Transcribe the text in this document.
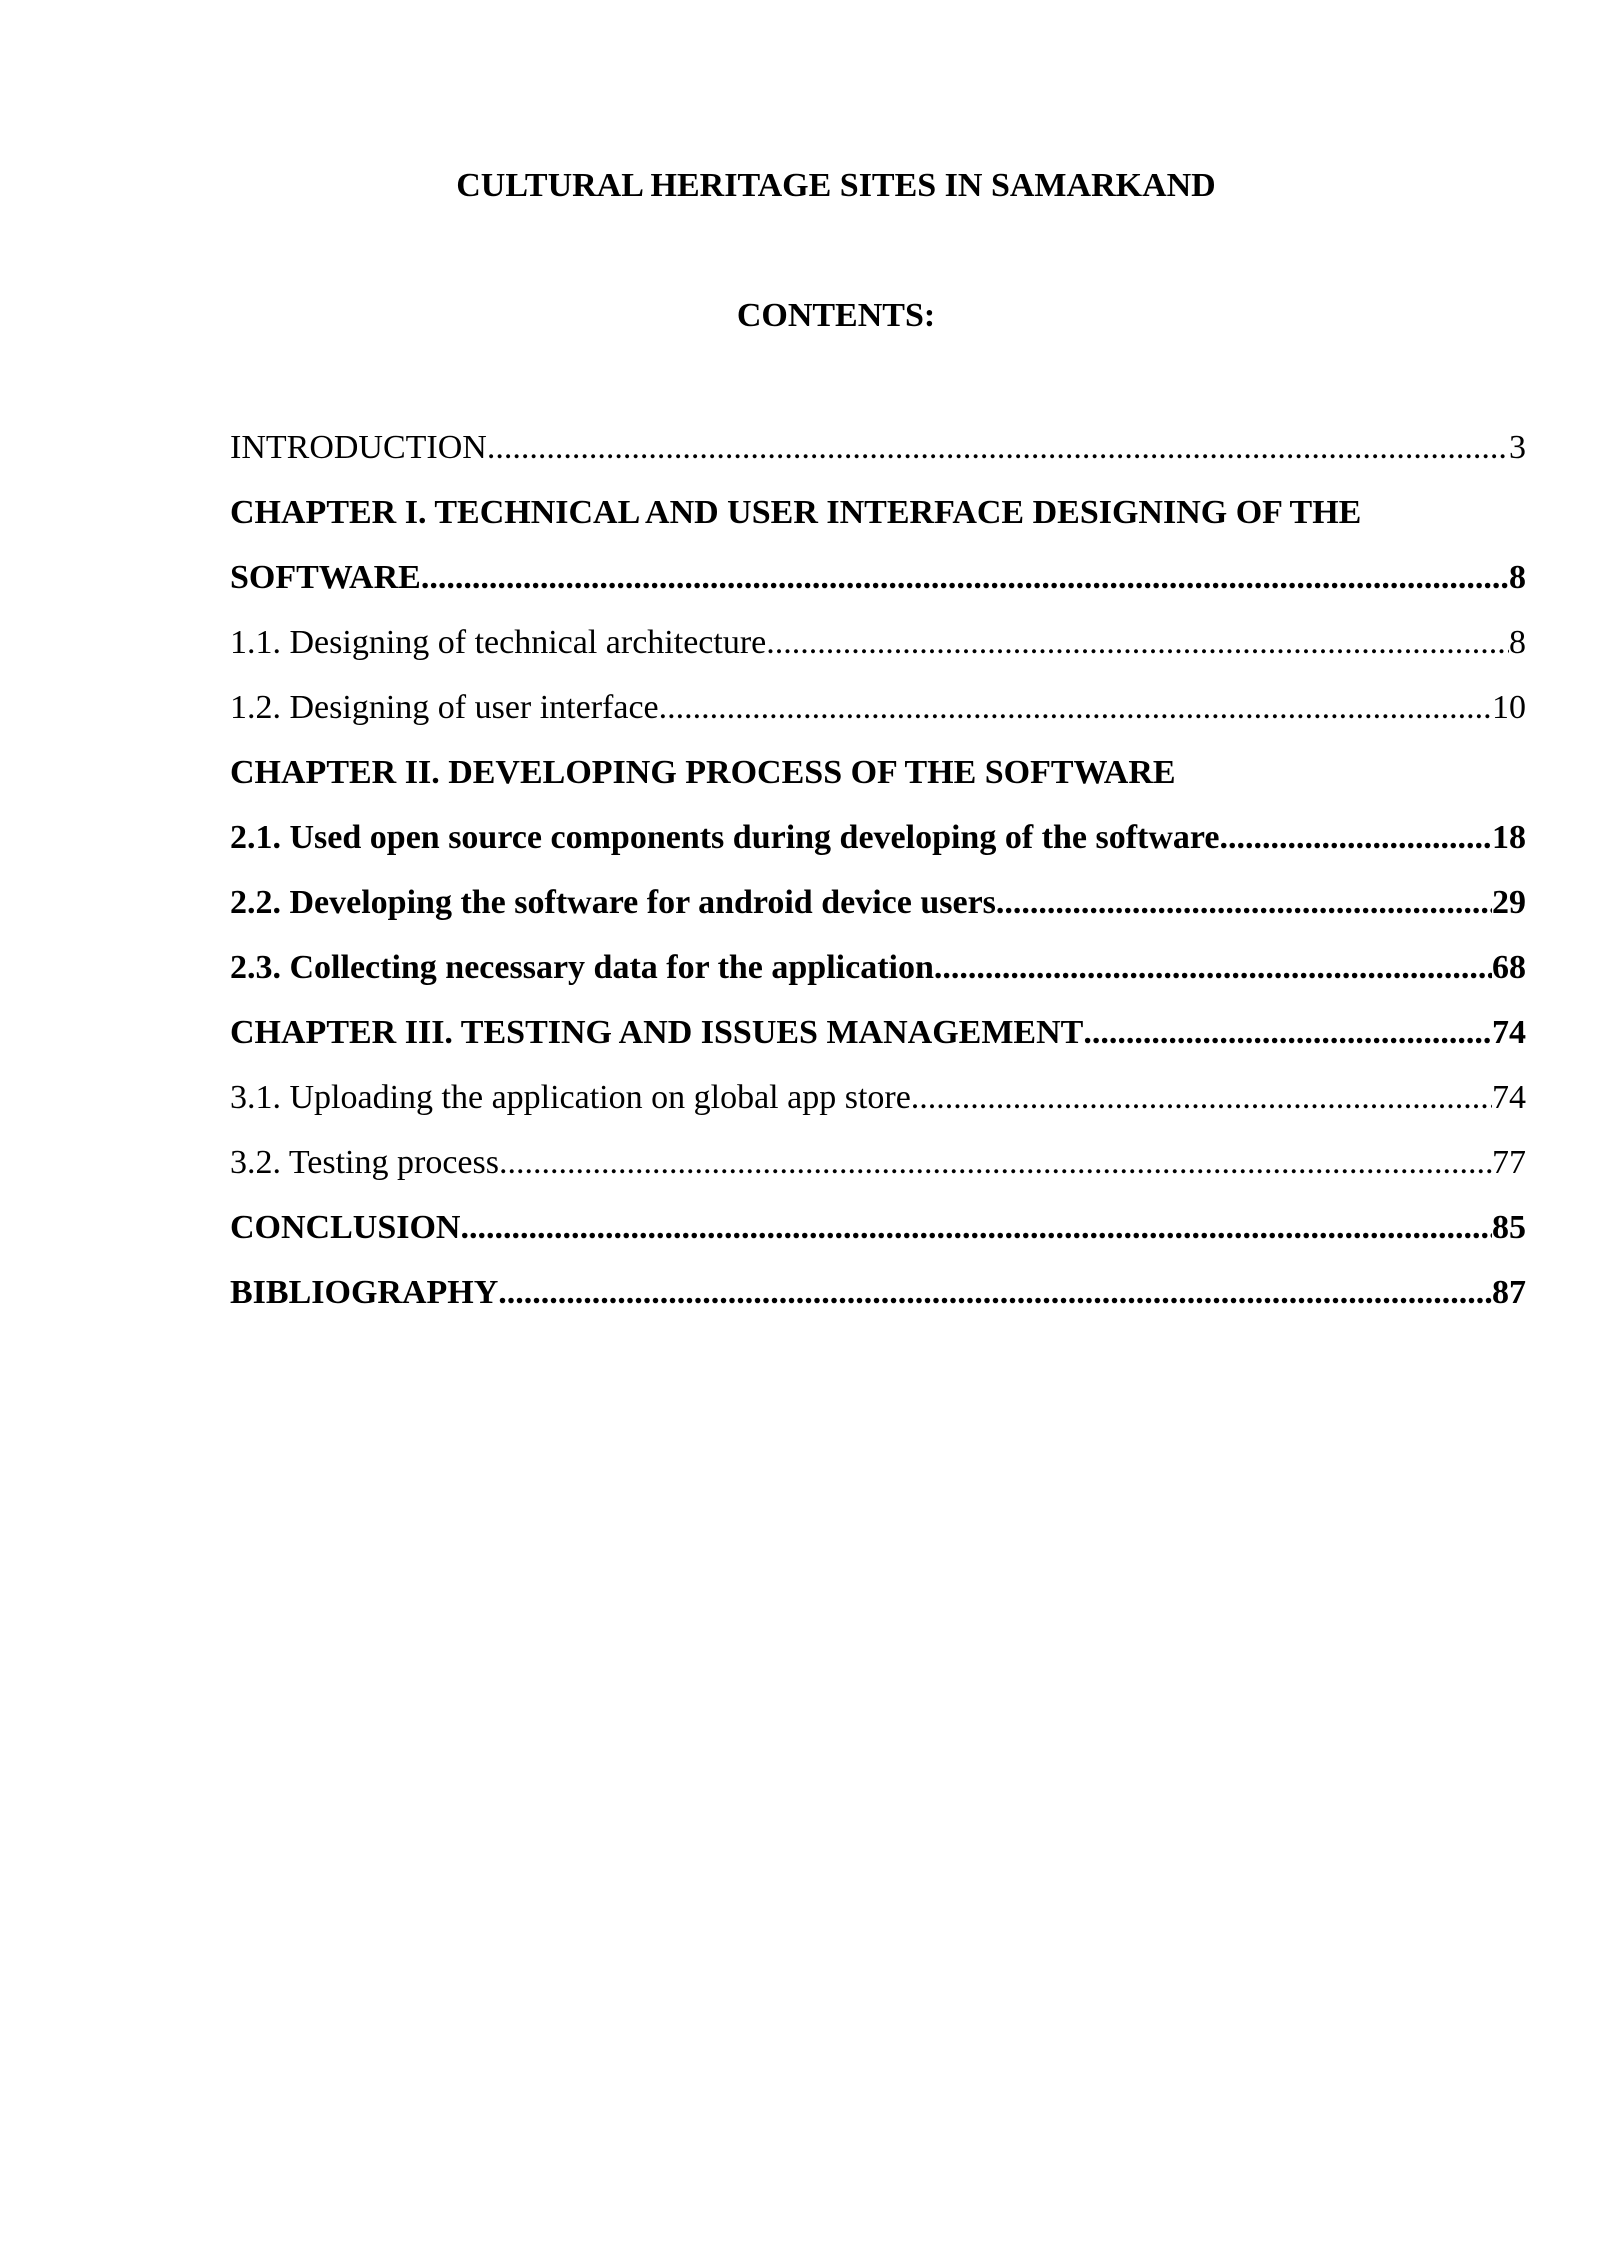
CULTURAL HERITAGE SITES IN SAMARKAND
CONTENTS:
INTRODUCTION .....	3
CHAPTER I. TECHNICAL AND USER INTERFACE DESIGNING OF THE
SOFTWARE .....	8
1.1. Designing of technical architecture .....	8
1.2. Designing of user interface .....	10
CHAPTER II. DEVELOPING PROCESS OF THE SOFTWARE
2.1. Used open source components during developing of the software .....	18
2.2. Developing the software for android device users .....	29
2.3. Collecting necessary data for the application .....	68
CHAPTER III. TESTING AND ISSUES MANAGEMENT .....	74
3.1. Uploading the application on global app store .....	74
3.2. Testing process .....	77
CONCLUSION .....	85
BIBLIOGRAPHY .....	87
